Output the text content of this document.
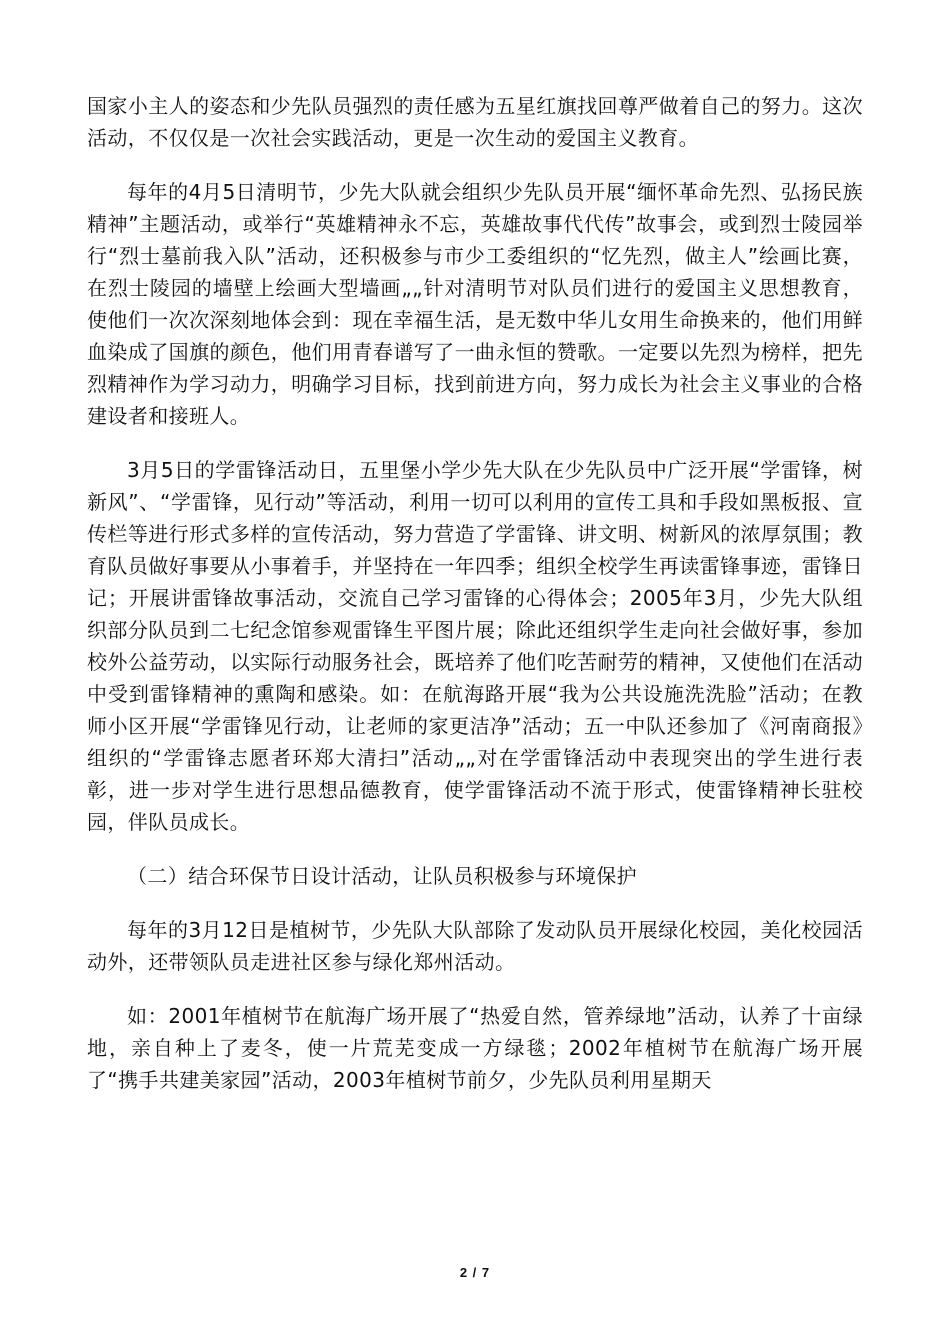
国家小主人的姿态和少先队员强烈的责任感为五星红旗找回尊严做着自己的努力。这次活动，不仅仅是一次社会实践活动，更是一次生动的爱国主义教育。

每年的4月5日清明节，少先大队就会组织少先队员开展“缅怀革命先烈、弘扬民族精神”主题活动，或举行“英雄精神永不忘，英雄故事代代传”故事会，或到烈士陵园举行“烈士墓前我入队”活动，还积极参与市少工委组织的“忆先烈，做主人”绘画比赛，在烈士陵园的墙壁上绘画大型墙画„„针对清明节对队员们进行的爱国主义思想教育，使他们一次次深刻地体会到：现在幸福生活，是无数中华儿女用生命换来的，他们用鲜血染成了国旗的颜色，他们用青春谱写了一曲永恒的赞歌。一定要以先烈为榜样，把先烈精神作为学习动力，明确学习目标，找到前进方向，努力成长为社会主义事业的合格建设者和接班人。

3月5日的学雷锋活动日，五里堡小学少先大队在少先队员中广泛开展“学雷锋，树新风”、“学雷锋，见行动”等活动，利用一切可以利用的宣传工具和手段如黑板报、宣传栏等进行形式多样的宣传活动，努力营造了学雷锋、讲文明、树新风的浓厚氛围；教育队员做好事要从小事着手，并坚持在一年四季；组织全校学生再读雷锋事迹，雷锋日记；开展讲雷锋故事活动，交流自己学习雷锋的心得体会；2005年3月，少先大队组织部分队员到二七纪念馆参观雷锋生平图片展；除此还组织学生走向社会做好事，参加校外公益劳动，以实际行动服务社会，既培养了他们吃苦耐劳的精神，又使他们在活动中受到雷锋精神的熏陶和感染。如：在航海路开展“我为公共设施洗洗脸”活动；在教师小区开展“学雷锋见行动，让老师的家更洁净”活动；五一中队还参加了《河南商报》组织的“学雷锋志愿者环郑大清扫”活动„„对在学雷锋活动中表现突出的学生进行表彰，进一步对学生进行思想品德教育，使学雷锋活动不流于形式，使雷锋精神长驻校园，伴队员成长。

（二）结合环保节日设计活动，让队员积极参与环境保护

每年的3月12日是植树节，少先队大队部除了发动队员开展绿化校园，美化校园活动外，还带领队员走进社区参与绿化郑州活动。

如：2001年植树节在航海广场开展了“热爱自然，管养绿地”活动，认养了十亩绿地，亲自种上了麦冬，使一片荒芜变成一方绿毯；2002年植树节在航海广场开展了“携手共建美家园”活动，2003年植树节前夕，少先队员利用星期天

2 / 7
